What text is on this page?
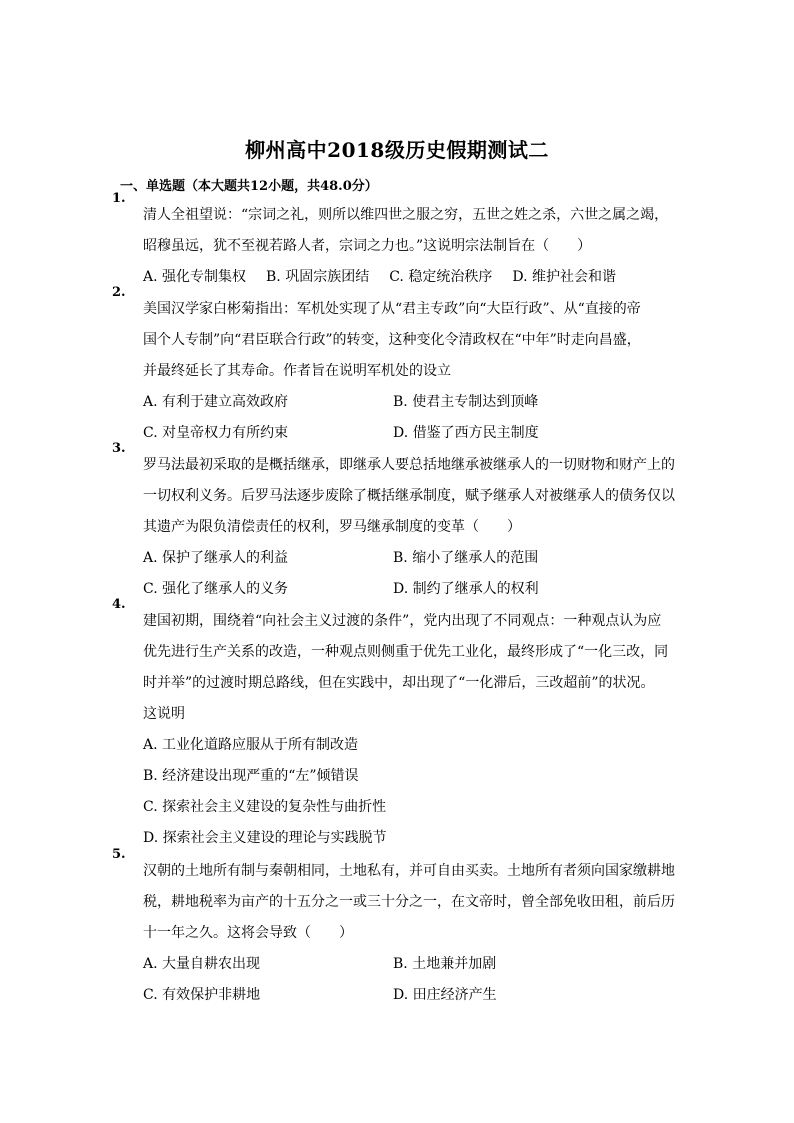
柳州高中2018级历史假期测试二
一、单选题（本大题共12小题，共48.0分）
1.
清人全祖望说：“宗词之礼，则所以维四世之服之穷，五世之姓之杀，六世之属之竭，
昭穆虽远，犹不至视若路人者，宗词之力也。”这说明宗法制旨在（　　）
A. 强化专制集权 B. 巩固宗族团结 C. 稳定统治秩序 D. 维护社会和谐
2.
美国汉学家白彬菊指出：军机处实现了从“君主专政”向“大臣行政”、从“直接的帝
国个人专制”向“君臣联合行政”的转变，这种变化令清政权在“中年”时走向昌盛，
并最终延长了其寿命。作者旨在说明军机处的设立
A. 有利于建立高效政府	B. 使君主专制达到顶峰
C. 对皇帝权力有所约束	D. 借鉴了西方民主制度
3.
罗马法最初采取的是概括继承，即继承人要总括地继承被继承人的一切财物和财产上的
一切权利义务。后罗马法逐步废除了概括继承制度，赋予继承人对被继承人的债务仅以
其遗产为限负清偿责任的权利，罗马继承制度的变革（　　）
A. 保护了继承人的利益	B. 缩小了继承人的范围
C. 强化了继承人的义务	D. 制约了继承人的权利
4.
建国初期，围绕着“向社会主义过渡的条件”，党内出现了不同观点：一种观点认为应
优先进行生产关系的改造，一种观点则侧重于优先工业化，最终形成了“一化三改，同
时并举”的过渡时期总路线，但在实践中，却出现了“一化滞后，三改超前”的状况。
这说明
A. 工业化道路应服从于所有制改造
B. 经济建设出现严重的“左”倾错误
C. 探索社会主义建设的复杂性与曲折性
D. 探索社会主义建设的理论与实践脱节
5.
汉朝的土地所有制与秦朝相同，土地私有，并可自由买卖。土地所有者须向国家缴耕地
税，耕地税率为亩产的十五分之一或三十分之一，在文帝时，曾全部免收田租，前后历
十一年之久。这将会导致（　　）
A. 大量自耕农出现	B. 土地兼并加剧
C. 有效保护非耕地	D. 田庄经济产生
